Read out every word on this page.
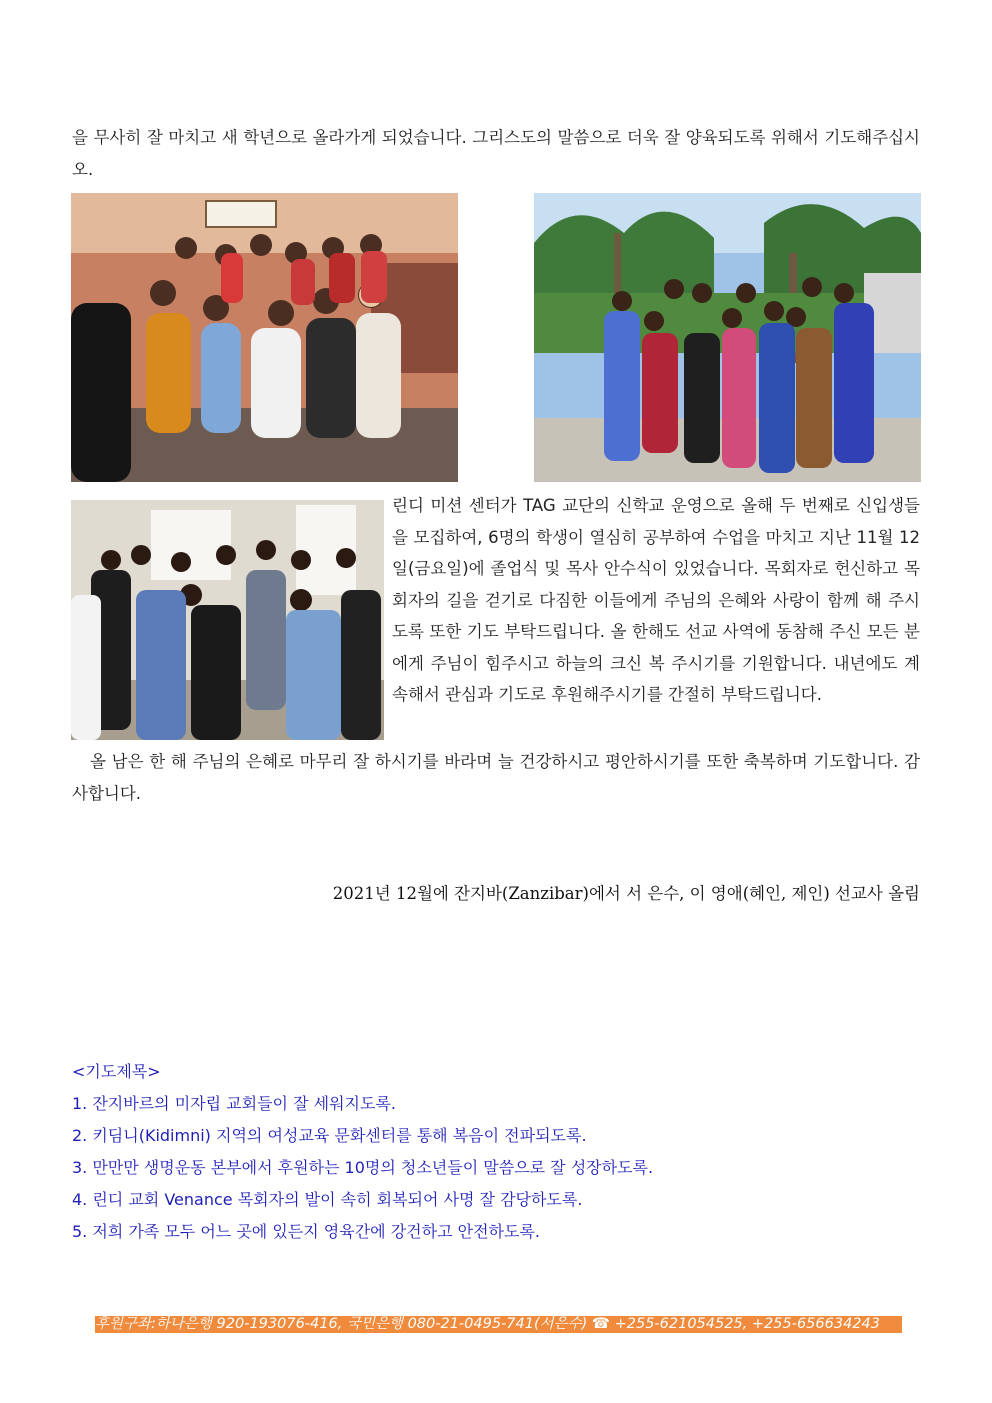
을 무사히 잘 마치고 새 학년으로 올라가게 되었습니다. 그리스도의 말씀으로 더욱 잘 양육되도록 위해서 기도해주십시오.
린디 미션 센터가 TAG 교단의 신학교 운영으로 올해 두 번째로 신입생들을 모집하여, 6명의 학생이 열심히 공부하여 수업을 마치고 지난 11월 12일(금요일)에 졸업식 및 목사 안수식이 있었습니다. 목회자로 헌신하고 목회자의 길을 걷기로 다짐한 이들에게 주님의 은혜와 사랑이 함께 해 주시도록 또한 기도 부탁드립니다. 올 한해도 선교 사역에 동참해 주신 모든 분에게 주님이 힘주시고 하늘의 크신 복 주시기를 기원합니다. 내년에도 계속해서 관심과 기도로 후원해주시기를 간절히 부탁드립니다.
올 남은 한 해 주님의 은혜로 마무리 잘 하시기를 바라며 늘 건강하시고 평안하시기를 또한 축복하며 기도합니다. 감사합니다.
2021년 12월에 잔지바(Zanzibar)에서 서 은수, 이 영애(혜인, 제인) 선교사 올림
<기도제목>
1. 잔지바르의 미자립 교회들이 잘 세워지도록.
2. 키딤니(Kidimni) 지역의 여성교육 문화센터를 통해 복음이 전파되도록.
3. 만만만 생명운동 본부에서 후원하는 10명의 청소년들이 말씀으로 잘 성장하도록.
4. 린디 교회 Venance 목회자의 발이 속히 회복되어 사명 잘 감당하도록.
5. 저희 가족 모두 어느 곳에 있든지 영육간에 강건하고 안전하도록.
후원구좌:하나은행 920-193076-416, 국민은행 080-21-0495-741(서은수) ☎ +255-621054525, +255-656634243
